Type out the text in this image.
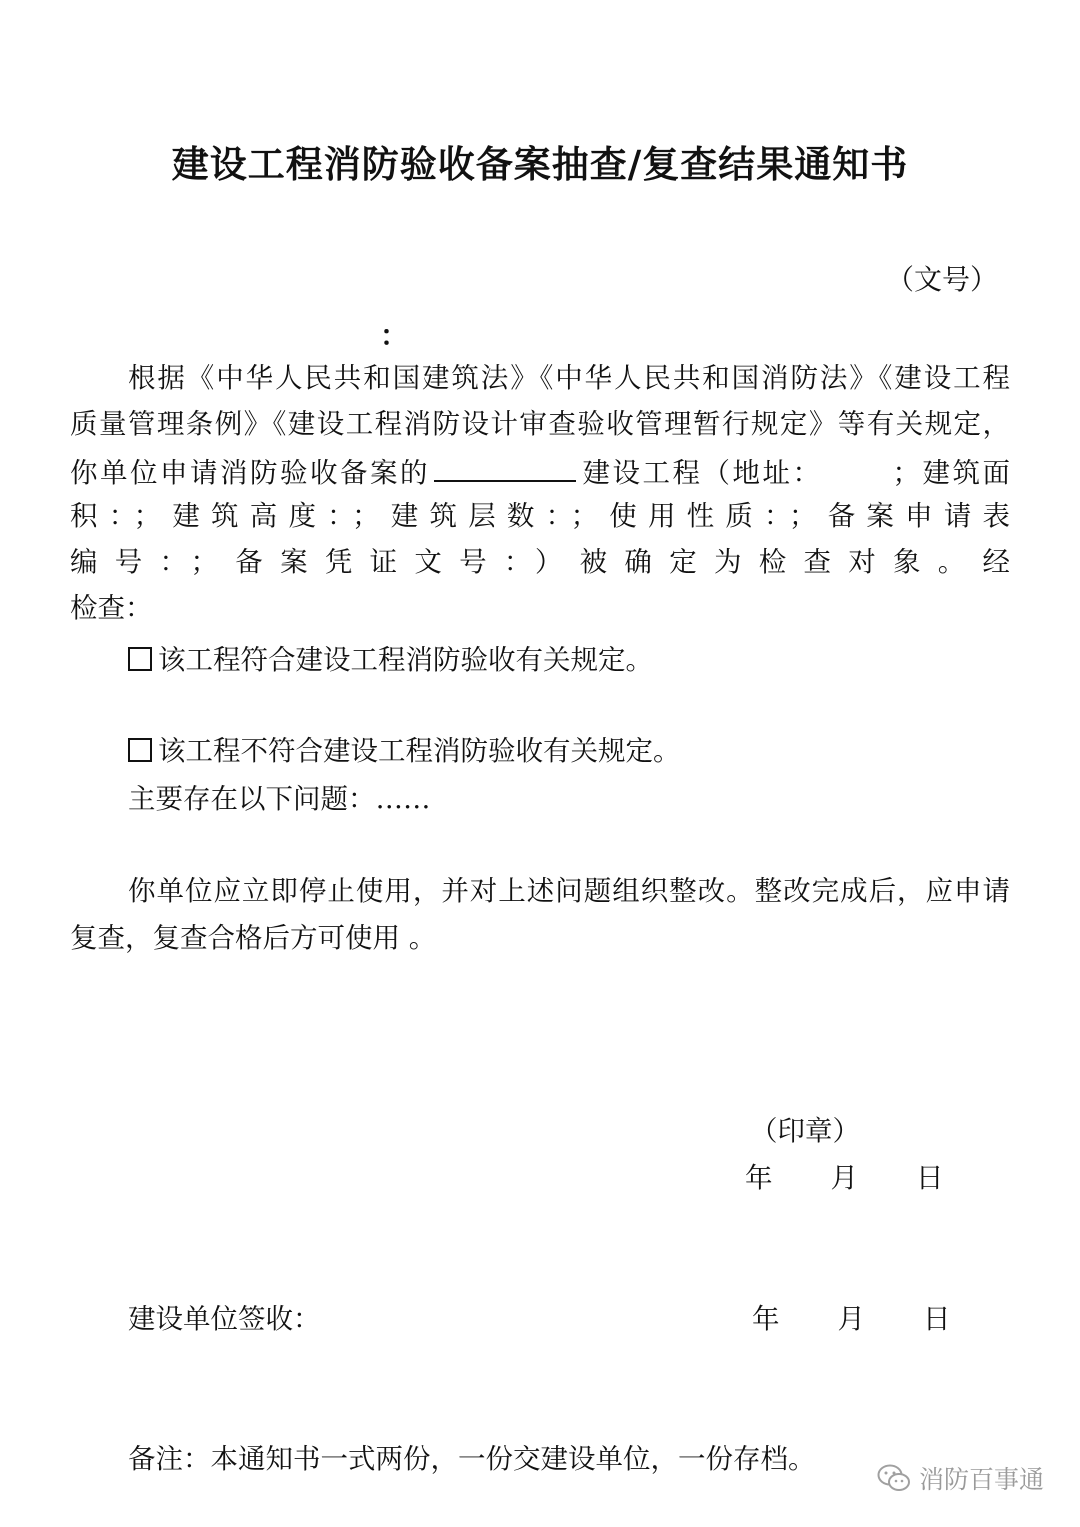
建设工程消防验收备案抽查/复查结果通知书
（文号）
：
根据《中华人民共和国建筑法》《中华人民共和国消防法》《建设工程
质量管理条例》《建设工程消防设计审查验收管理暂行规定》等有关规定，
你单位申请消防验收备案的	建设工程（地址：	；建筑面
积：；建筑高度：；建筑层数：；使用性质：；备案申请表
编号：；备案凭证文号：）被确定为检查对象。经
检查：
该工程符合建设工程消防验收有关规定。
该工程不符合建设工程消防验收有关规定。
主要存在以下问题：……
你单位应立即停止使用，并对上述问题组织整改。整改完成后，应申请
复查，复查合格后方可使用 。
（印章）
年 月 日
建设单位签收：	年 月 日
备注：本通知书一式两份，一份交建设单位，一份存档。
消防百事通
